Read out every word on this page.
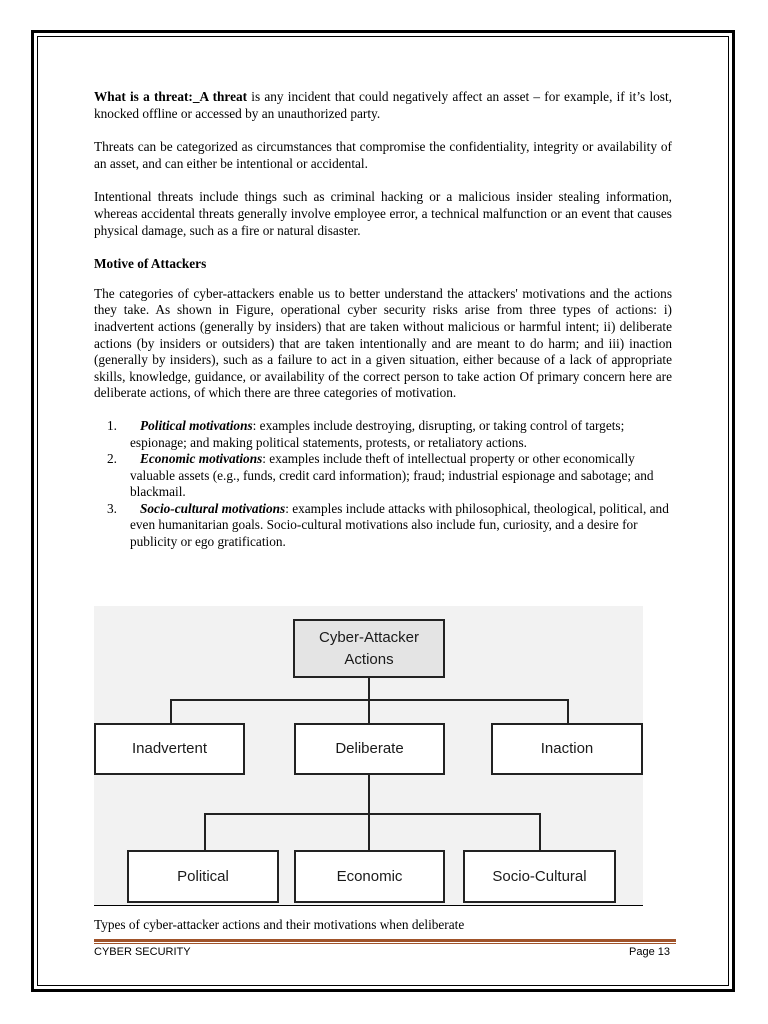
What is a threat:_A threat is any incident that could negatively affect an asset – for example, if it’s lost, knocked offline or accessed by an unauthorized party.

Threats can be categorized as circumstances that compromise the confidentiality, integrity or availability of an asset, and can either be intentional or accidental.

Intentional threats include things such as criminal hacking or a malicious insider stealing information, whereas accidental threats generally involve employee error, a technical malfunction or an event that causes physical damage, such as a fire or natural disaster.

Motive of Attackers

The categories of cyber-attackers enable us to better understand the attackers' motivations and the actions they take. As shown in Figure, operational cyber security risks arise from three types of actions: i) inadvertent actions (generally by insiders) that are taken without malicious or harmful intent; ii) deliberate actions (by insiders or outsiders) that are taken intentionally and are meant to do harm; and iii) inaction (generally by insiders), such as a failure to act in a given situation, either because of a lack of appropriate skills, knowledge, guidance, or availability of the correct person to take action Of primary concern here are deliberate actions, of which there are three categories of motivation.

1. Political motivations: examples include destroying, disrupting, or taking control of targets; espionage; and making political statements, protests, or retaliatory actions.
2. Economic motivations: examples include theft of intellectual property or other economically valuable assets (e.g., funds, credit card information); fraud; industrial espionage and sabotage; and blackmail.
3. Socio-cultural motivations: examples include attacks with philosophical, theological, political, and even humanitarian goals. Socio-cultural motivations also include fun, curiosity, and a desire for publicity or ego gratification.
Cyber-Attacker
Actions
Inadvertent	Deliberate	Inaction
Political	Economic	Socio-Cultural
Types of cyber-attacker actions and their motivations when deliberate
CYBER SECURITY	Page 13
